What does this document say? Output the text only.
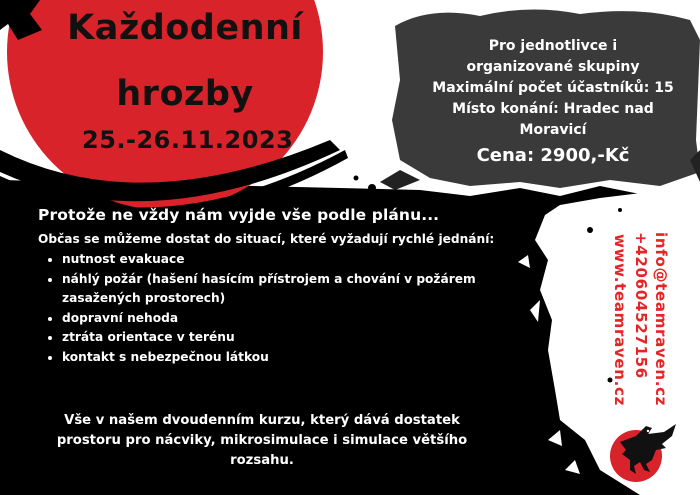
Každodenní
hrozby
25.-26.11.2023
Pro jednotlivce i
organizované skupiny
Maximální počet účastníků: 15
Místo konání: Hradec nad
Moravicí
Cena: 2900,-Kč
Protože ne vždy nám vyjde vše podle plánu...

Občas se můžeme dostat do situací, které vyžadují rychlé jednání:

• nutnost evakuace
• náhlý požár (hašení hasícím přístrojem a chování v požárem zasažených prostorech)
• dopravní nehoda
• ztráta orientace v terénu
• kontakt s nebezpečnou látkou
Vše v našem dvoudenním kurzu, který dává dostatek prostoru pro nácviky, mikrosimulace i simulace většího rozsahu.
info@teamraven.cz
+420604527156
www.teamraven.cz
